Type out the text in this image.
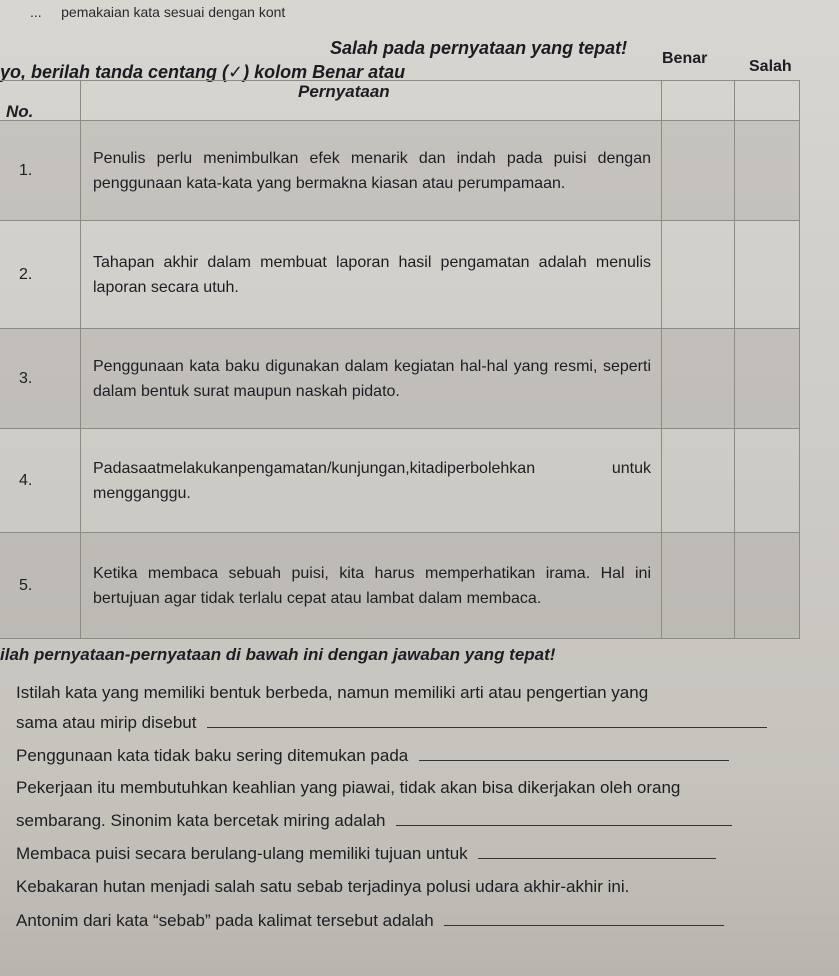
... pemakaian kata sesuai dengan kont
Salah pada pernyataan yang tepat!
yo, berilah tanda centang (✓) kolom Benar atau
Benar	Salah
Pernyataan
No.

1.	Penulis perlu menimbulkan efek menarik dan indah pada puisi dengan penggunaan kata-kata yang bermakna kiasan atau perumpamaan.		
2.	Tahapan akhir dalam membuat laporan hasil pengamatan adalah menulis laporan secara utuh.		
3.	Penggunaan kata baku digunakan dalam kegiatan hal-hal yang resmi, seperti dalam bentuk surat maupun naskah pidato.		
4.	Padasaatmelakukanpengamatan/kunjungan,kitadiperbolehkan untuk mengganggu.		
5.	Ketika membaca sebuah puisi, kita harus memperhatikan irama. Hal ini bertujuan agar tidak terlalu cepat atau lambat dalam membaca.		
ilah pernyataan-pernyataan di bawah ini dengan jawaban yang tepat!
Istilah kata yang memiliki bentuk berbeda, namun memiliki arti atau pengertian yang
sama atau mirip disebut
Penggunaan kata tidak baku sering ditemukan pada
Pekerjaan itu membutuhkan keahlian yang piawai, tidak akan bisa dikerjakan oleh orang
sembarang. Sinonim kata bercetak miring adalah
Membaca puisi secara berulang-ulang memiliki tujuan untuk
Kebakaran hutan menjadi salah satu sebab terjadinya polusi udara akhir-akhir ini.
Antonim dari kata “sebab” pada kalimat tersebut adalah
